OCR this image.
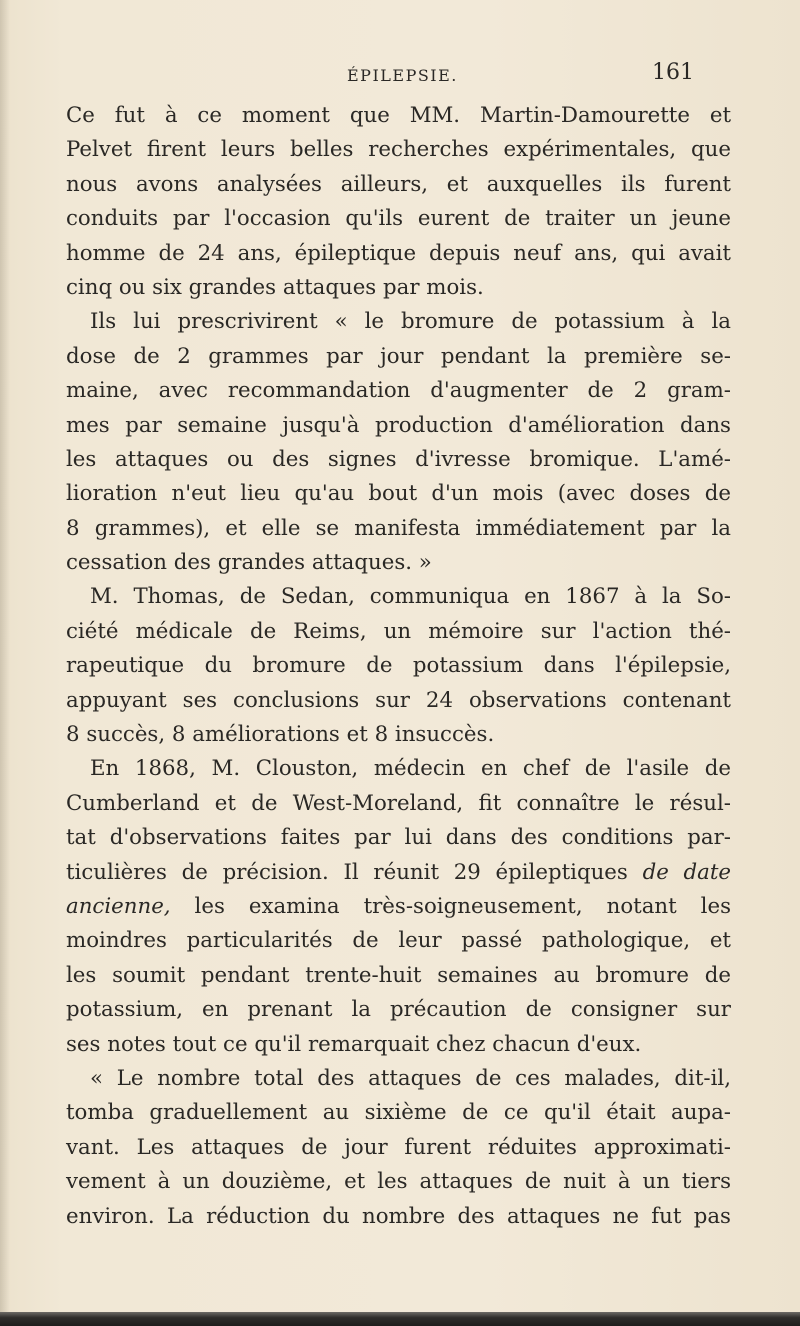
ÉPILEPSIE.	161
Ce fut à ce moment que MM. Martin-Damourette et
Pelvet firent leurs belles recherches expérimentales, que
nous avons analysées ailleurs, et auxquelles ils furent
conduits par l'occasion qu'ils eurent de traiter un jeune
homme de 24 ans, épileptique depuis neuf ans, qui avait
cinq ou six grandes attaques par mois.
Ils lui prescrivirent « le bromure de potassium à la
dose de 2 grammes par jour pendant la première se-
maine, avec recommandation d'augmenter de 2 gram-
mes par semaine jusqu'à production d'amélioration dans
les attaques ou des signes d'ivresse bromique. L'amé-
lioration n'eut lieu qu'au bout d'un mois (avec doses de
8 grammes), et elle se manifesta immédiatement par la
cessation des grandes attaques. »
M. Thomas, de Sedan, communiqua en 1867 à la So-
ciété médicale de Reims, un mémoire sur l'action thé-
rapeutique du bromure de potassium dans l'épilepsie,
appuyant ses conclusions sur 24 observations contenant
8 succès, 8 améliorations et 8 insuccès.
En 1868, M. Clouston, médecin en chef de l'asile de
Cumberland et de West-Moreland, fit connaître le résul-
tat d'observations faites par lui dans des conditions par-
ticulières de précision. Il réunit 29 épileptiques de date
ancienne, les examina très-soigneusement, notant les
moindres particularités de leur passé pathologique, et
les soumit pendant trente-huit semaines au bromure de
potassium, en prenant la précaution de consigner sur
ses notes tout ce qu'il remarquait chez chacun d'eux.
« Le nombre total des attaques de ces malades, dit-il,
tomba graduellement au sixième de ce qu'il était aupa-
vant. Les attaques de jour furent réduites approximati-
vement à un douzième, et les attaques de nuit à un tiers
environ. La réduction du nombre des attaques ne fut pas
